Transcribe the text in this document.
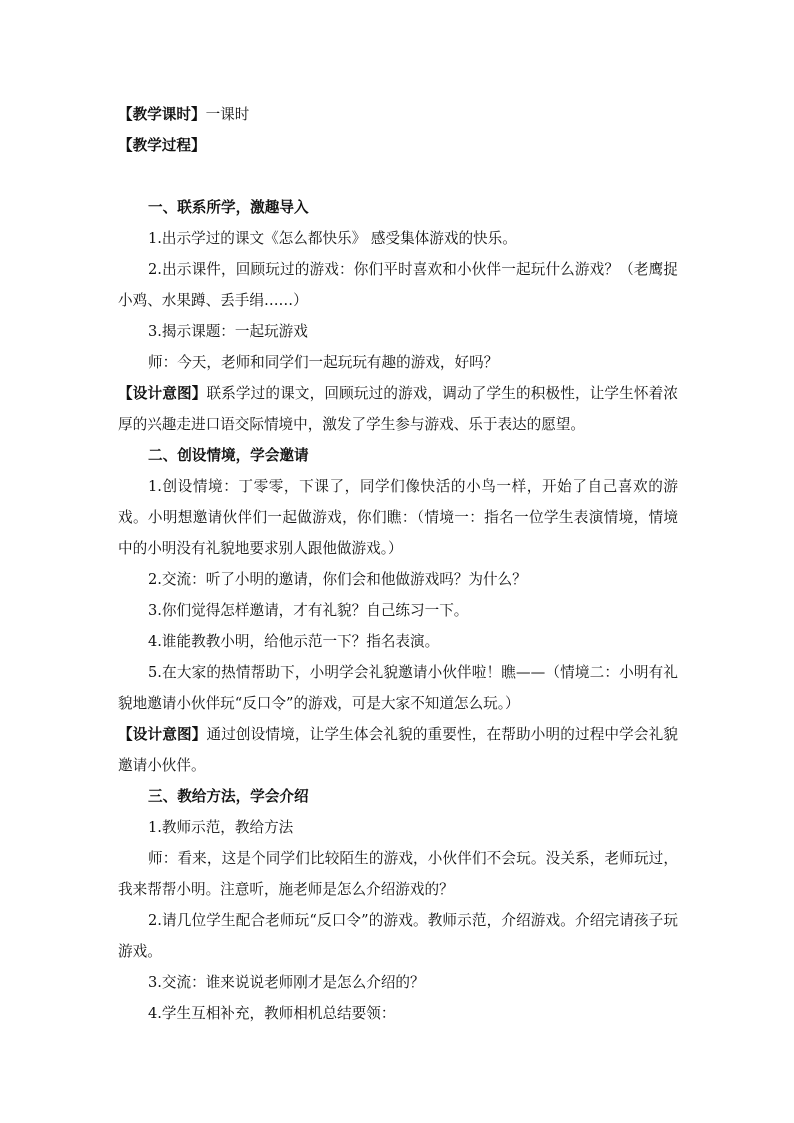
【教学课时】一课时
【教学过程】
一、联系所学，激趣导入
1.出示学过的课文《怎么都快乐》 感受集体游戏的快乐。
2.出示课件，回顾玩过的游戏：你们平时喜欢和小伙伴一起玩什么游戏？（老鹰捉小鸡、水果蹲、丢手绢……）
3.揭示课题：一起玩游戏
师：今天，老师和同学们一起玩玩有趣的游戏，好吗？
【设计意图】联系学过的课文，回顾玩过的游戏，调动了学生的积极性，让学生怀着浓厚的兴趣走进口语交际情境中，激发了学生参与游戏、乐于表达的愿望。
二、创设情境，学会邀请
1.创设情境：丁零零，下课了，同学们像快活的小鸟一样，开始了自己喜欢的游戏。小明想邀请伙伴们一起做游戏，你们瞧：（情境一：指名一位学生表演情境，情境中的小明没有礼貌地要求别人跟他做游戏。）
2.交流：听了小明的邀请，你们会和他做游戏吗？为什么？
3.你们觉得怎样邀请，才有礼貌？自己练习一下。
4.谁能教教小明，给他示范一下？指名表演。
5.在大家的热情帮助下，小明学会礼貌邀请小伙伴啦！瞧——（情境二：小明有礼貌地邀请小伙伴玩“反口令”的游戏，可是大家不知道怎么玩。）
【设计意图】通过创设情境，让学生体会礼貌的重要性，在帮助小明的过程中学会礼貌邀请小伙伴。
三、教给方法，学会介绍
1.教师示范，教给方法
师：看来，这是个同学们比较陌生的游戏，小伙伴们不会玩。没关系，老师玩过，我来帮帮小明。注意听，施老师是怎么介绍游戏的？
2.请几位学生配合老师玩“反口令”的游戏。教师示范，介绍游戏。介绍完请孩子玩游戏。
3.交流：谁来说说老师刚才是怎么介绍的？
4.学生互相补充，教师相机总结要领：
